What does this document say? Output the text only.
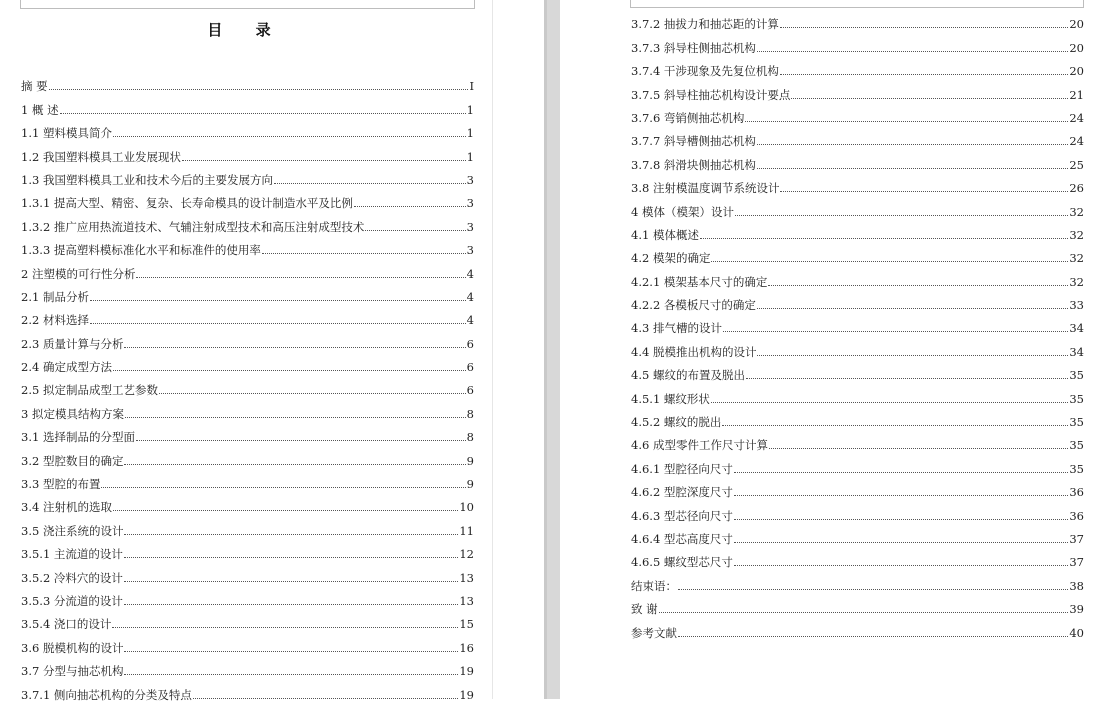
目 录
摘 要	I
1 概 述	1
1.1 塑料模具简介	1
1.2 我国塑料模具工业发展现状	1
1.3 我国塑料模具工业和技术今后的主要发展方向	3
1.3.1 提高大型、精密、复杂、长寿命模具的设计制造水平及比例	3
1.3.2 推广应用热流道技术、气辅注射成型技术和高压注射成型技术	3
1.3.3 提高塑料模标准化水平和标准件的使用率	3
2 注塑模的可行性分析	4
2.1 制品分析	4
2.2 材料选择	4
2.3 质量计算与分析	6
2.4 确定成型方法	6
2.5 拟定制品成型工艺参数	6
3 拟定模具结构方案	8
3.1 选择制品的分型面	8
3.2 型腔数目的确定	9
3.3 型腔的布置	9
3.4 注射机的选取	10
3.5 浇注系统的设计	11
3.5.1 主流道的设计	12
3.5.2 冷料穴的设计	13
3.5.3 分流道的设计	13
3.5.4 浇口的设计	15
3.6 脱模机构的设计	16
3.7 分型与抽芯机构	19
3.7.1 侧向抽芯机构的分类及特点	19
3.7.2 抽拔力和抽芯距的计算	20
3.7.3 斜导柱侧抽芯机构	20
3.7.4 干涉现象及先复位机构	20
3.7.5 斜导柱抽芯机构设计要点	21
3.7.6 弯销侧抽芯机构	24
3.7.7 斜导槽侧抽芯机构	24
3.7.8 斜滑块侧抽芯机构	25
3.8 注射模温度调节系统设计	26
4 模体（模架）设计	32
4.1 模体概述	32
4.2 模架的确定	32
4.2.1 模架基本尺寸的确定	32
4.2.2 各模板尺寸的确定	33
4.3 排气槽的设计	34
4.4 脱模推出机构的设计	34
4.5 螺纹的布置及脱出	35
4.5.1 螺纹形状	35
4.5.2 螺纹的脱出	35
4.6 成型零件工作尺寸计算	35
4.6.1 型腔径向尺寸	35
4.6.2 型腔深度尺寸	36
4.6.3 型芯径向尺寸	36
4.6.4 型芯高度尺寸	37
4.6.5 螺纹型芯尺寸	37
结束语：	38
致 谢	39
参考文献	40
